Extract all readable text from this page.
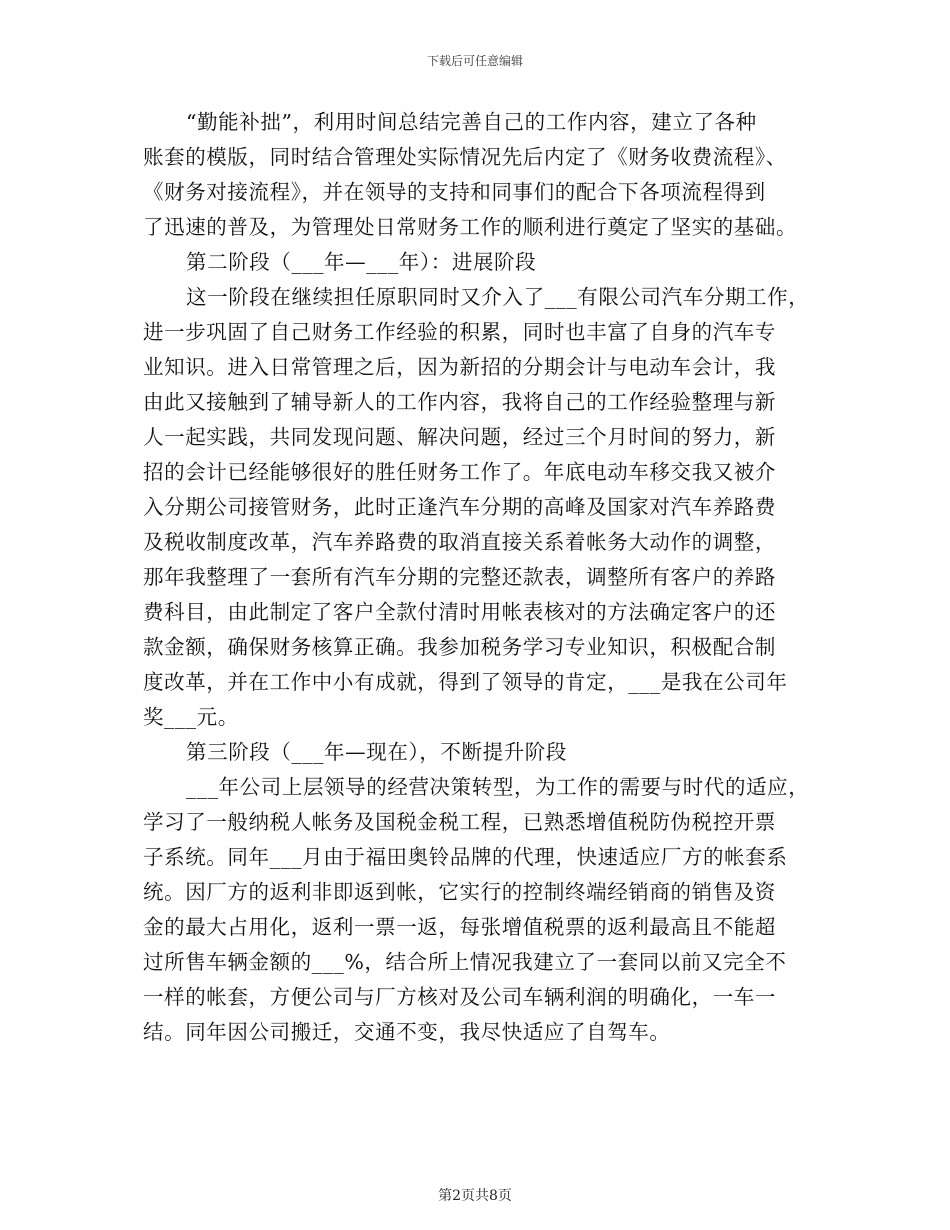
下载后可任意编辑
“勤能补拙”，利用时间总结完善自己的工作内容，建立了各种
账套的模版，同时结合管理处实际情况先后内定了《财务收费流程》、
《财务对接流程》，并在领导的支持和同事们的配合下各项流程得到
了迅速的普及，为管理处日常财务工作的顺利进行奠定了坚实的基础。
第二阶段（___年—___年）：进展阶段
这一阶段在继续担任原职同时又介入了___有限公司汽车分期工作，
进一步巩固了自己财务工作经验的积累，同时也丰富了自身的汽车专
业知识。进入日常管理之后，因为新招的分期会计与电动车会计，我
由此又接触到了辅导新人的工作内容，我将自己的工作经验整理与新
人一起实践，共同发现问题、解决问题，经过三个月时间的努力，新
招的会计已经能够很好的胜任财务工作了。年底电动车移交我又被介
入分期公司接管财务，此时正逢汽车分期的高峰及国家对汽车养路费
及税收制度改革，汽车养路费的取消直接关系着帐务大动作的调整，
那年我整理了一套所有汽车分期的完整还款表，调整所有客户的养路
费科目，由此制定了客户全款付清时用帐表核对的方法确定客户的还
款金额，确保财务核算正确。我参加税务学习专业知识，积极配合制
度改革，并在工作中小有成就，得到了领导的肯定，___是我在公司年
奖___元。
第三阶段（___年—现在），不断提升阶段
___年公司上层领导的经营决策转型，为工作的需要与时代的适应，
学习了一般纳税人帐务及国税金税工程，已熟悉增值税防伪税控开票
子系统。同年___月由于福田奥铃品牌的代理，快速适应厂方的帐套系
统。因厂方的返利非即返到帐，它实行的控制终端经销商的销售及资
金的最大占用化，返利一票一返，每张增值税票的返利最高且不能超
过所售车辆金额的___%，结合所上情况我建立了一套同以前又完全不
一样的帐套，方便公司与厂方核对及公司车辆利润的明确化，一车一
结。同年因公司搬迁，交通不变，我尽快适应了自驾车。
第2页共8页
